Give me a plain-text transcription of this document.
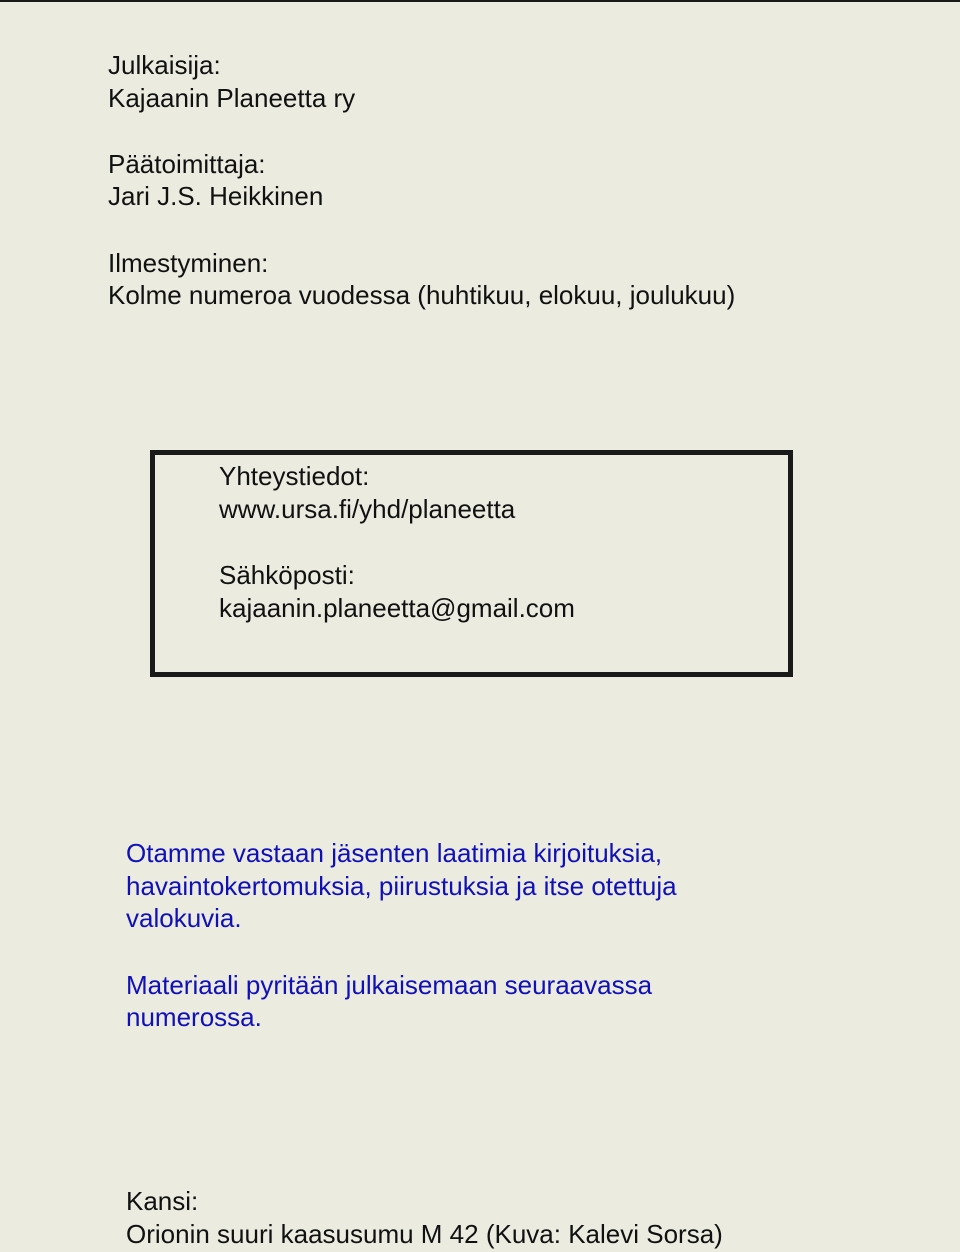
Julkaisija:
Kajaanin Planeetta ry
Päätoimittaja:
Jari J.S. Heikkinen
Ilmestyminen:
Kolme numeroa vuodessa (huhtikuu, elokuu, joulukuu)
Yhteystiedot:
www.ursa.fi/yhd/planeetta
Sähköposti:
kajaanin.planeetta@gmail.com
Otamme vastaan jäsenten laatimia kirjoituksia,
havaintokertomuksia, piirustuksia ja itse otettuja
valokuvia.
Materiaali pyritään julkaisemaan seuraavassa
numerossa.
Kansi:
Orionin suuri kaasusumu M 42 (Kuva: Kalevi Sorsa)
